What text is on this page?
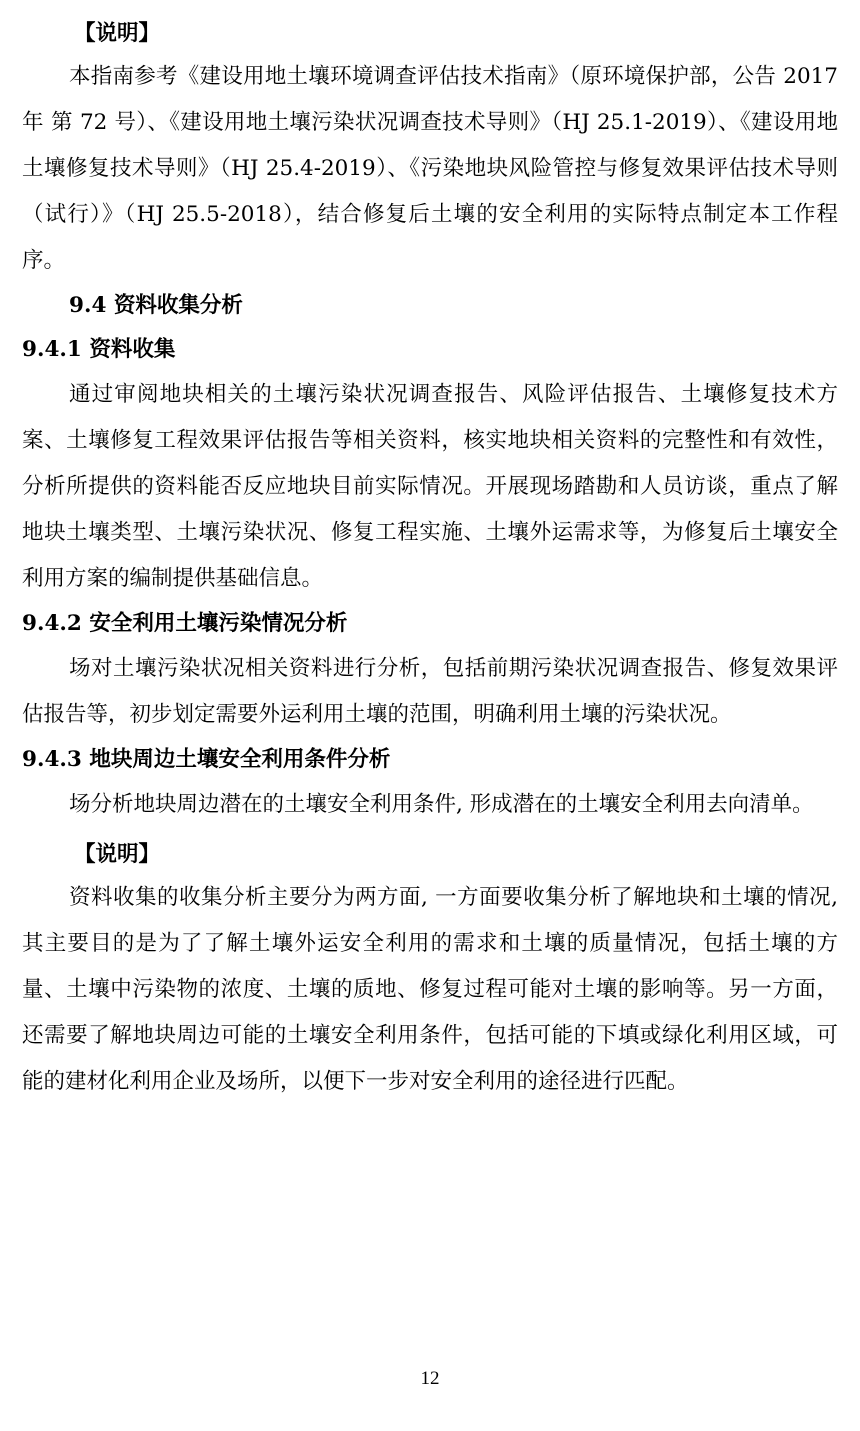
【说明】

本指南参考《建设用地土壤环境调查评估技术指南》（原环境保护部，公告 2017 年 第 72 号）、《建设用地土壤污染状况调查技术导则》（HJ 25.1-2019）、《建设用地土壤修复技术导则》（HJ 25.4-2019）、《污染地块风险管控与修复效果评估技术导则（试行）》（HJ 25.5-2018），结合修复后土壤的安全利用的实际特点制定本工作程序。

9.4 资料收集分析
9.4.1 资料收集

通过审阅地块相关的土壤污染状况调查报告、风险评估报告、土壤修复技术方案、土壤修复工程效果评估报告等相关资料，核实地块相关资料的完整性和有效性，分析所提供的资料能否反应地块目前实际情况。开展现场踏勘和人员访谈，重点了解地块土壤类型、土壤污染状况、修复工程实施、土壤外运需求等，为修复后土壤安全利用方案的编制提供基础信息。

9.4.2 安全利用土壤污染情况分析

场对土壤污染状况相关资料进行分析，包括前期污染状况调查报告、修复效果评估报告等，初步划定需要外运利用土壤的范围，明确利用土壤的污染状况。

9.4.3 地块周边土壤安全利用条件分析

场分析地块周边潜在的土壤安全利用条件, 形成潜在的土壤安全利用去向清单。

【说明】

资料收集的收集分析主要分为两方面, 一方面要收集分析了解地块和土壤的情况, 其主要目的是为了了解土壤外运安全利用的需求和土壤的质量情况，包括土壤的方量、土壤中污染物的浓度、土壤的质地、修复过程可能对土壤的影响等。另一方面，还需要了解地块周边可能的土壤安全利用条件，包括可能的下填或绿化利用区域，可能的建材化利用企业及场所，以便下一步对安全利用的途径进行匹配。

12
